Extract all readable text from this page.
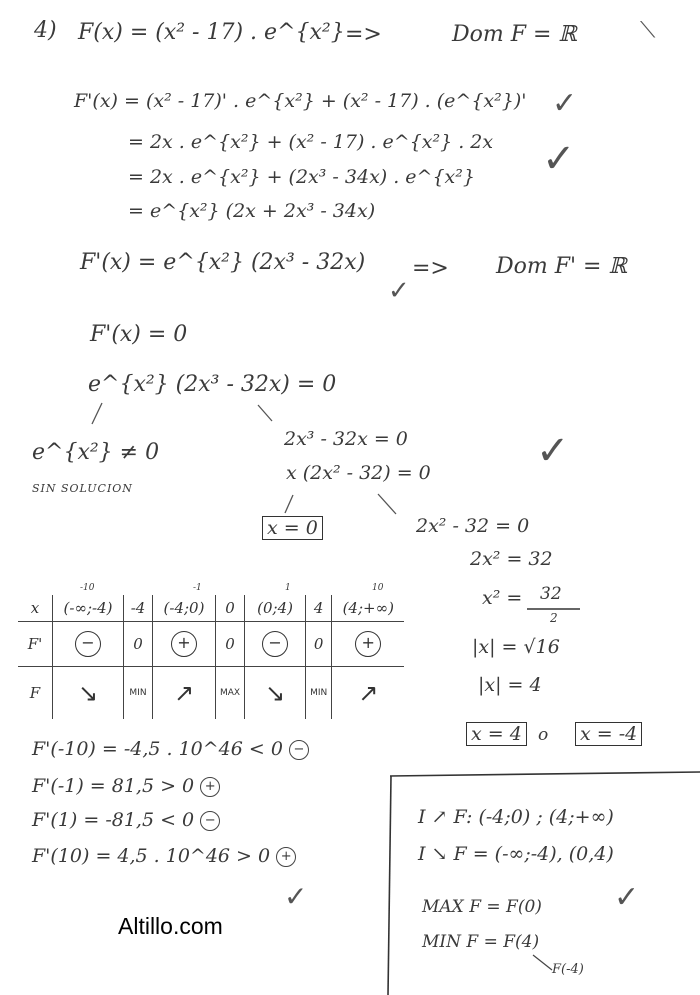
4) F(x) = (x² - 17) . e^{x²} =>	Dom F = ℝ	⟍
F'(x) = (x² - 17)' . e^{x²} + (x² - 17) . (e^{x²})' ✓
= 2x . e^{x²} + (x² - 17) . e^{x²} . 2x ✓
= 2x . e^{x²} + (2x³ - 34x) . e^{x²}
= e^{x²} (2x + 2x³ - 34x)
F'(x) = e^{x²} (2x³ - 32x) => Dom F' = ℝ
✓
F'(x) = 0
e^{x²} (2x³ - 32x) = 0
e^{x²} ≠ 0
SIN SOLUCION
2x³ - 32x = 0	✓
x (2x² - 32) = 0
x = 0	2x² - 32 = 0
2x² = 32
x² = 32
2
|x| = √16
|x| = 4
x = 4 o x = -4
-10	-1	1	10
x	(-∞;-4)	-4	(-4;0)	0	(0;4)	4	(4;+∞)
F'	−	0	+	0	−	0	+
F	↘	MIN	↗	MAX	↘	MIN	↗
F'(-10) = -4,5 . 10^46 < 0 −
F'(-1) = 81,5 > 0 +
F'(1) = -81,5 < 0 −
F'(10) = 4,5 . 10^46 > 0 +
✓
I ↗ F: (-4;0) ; (4;+∞)
I ↘ F = (-∞;-4), (0,4)
MAX F = F(0) ✓
MIN F = F(4)
F(-4)
Altillo.com
